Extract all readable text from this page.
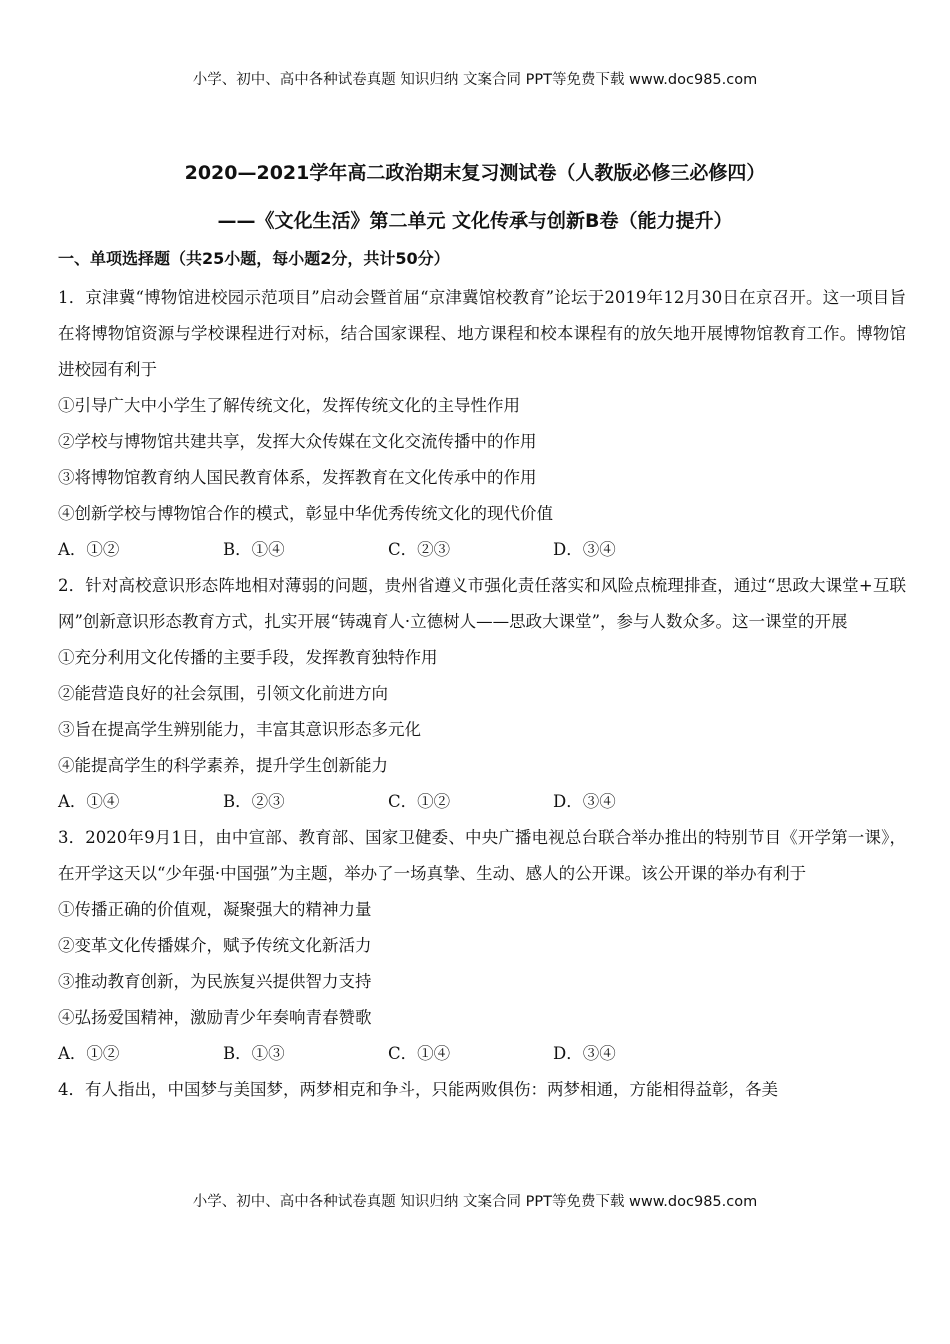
小学、初中、高中各种试卷真题 知识归纳 文案合同 PPT等免费下载 www.doc985.com
2020—2021学年高二政治期末复习测试卷（人教版必修三必修四）
——《文化生活》第二单元 文化传承与创新B卷（能力提升）
一、单项选择题（共25小题，每小题2分，共计50分）

1．京津冀“博物馆进校园示范项目”启动会暨首届“京津冀馆校教育”论坛于2019年12月30日在京召开。这一项目旨在将博物馆资源与学校课程进行对标，结合国家课程、地方课程和校本课程有的放矢地开展博物馆教育工作。博物馆进校园有利于

①引导广大中小学生了解传统文化，发挥传统文化的主导性作用

②学校与博物馆共建共享，发挥大众传媒在文化交流传播中的作用

③将博物馆教育纳人国民教育体系，发挥教育在文化传承中的作用

④创新学校与博物馆合作的模式，彰显中华优秀传统文化的现代价值

A．①②	B．①④	C．②③	D．③④

2．针对高校意识形态阵地相对薄弱的问题，贵州省遵义市强化责任落实和风险点梳理排查，通过“思政大课堂+互联网”创新意识形态教育方式，扎实开展“铸魂育人·立德树人——思政大课堂”，参与人数众多。这一课堂的开展

①充分利用文化传播的主要手段，发挥教育独特作用

②能营造良好的社会氛围，引领文化前进方向

③旨在提高学生辨别能力，丰富其意识形态多元化

④能提高学生的科学素养，提升学生创新能力

A．①④	B．②③	C．①②	D．③④

3．2020年9月1日，由中宣部、教育部、国家卫健委、中央广播电视总台联合举办推出的特别节目《开学第一课》，在开学这天以“少年强·中国强”为主题，举办了一场真挚、生动、感人的公开课。该公开课的举办有利于

①传播正确的价值观，凝聚强大的精神力量

②变革文化传播媒介，赋予传统文化新活力

③推动教育创新，为民族复兴提供智力支持

④弘扬爱国精神，激励青少年奏响青春赞歌

A．①②	B．①③	C．①④	D．③④

4．有人指出，中国梦与美国梦，两梦相克和争斗，只能两败俱伤：两梦相通，方能相得益彰，各美

小学、初中、高中各种试卷真题 知识归纳 文案合同 PPT等免费下载 www.doc985.com
